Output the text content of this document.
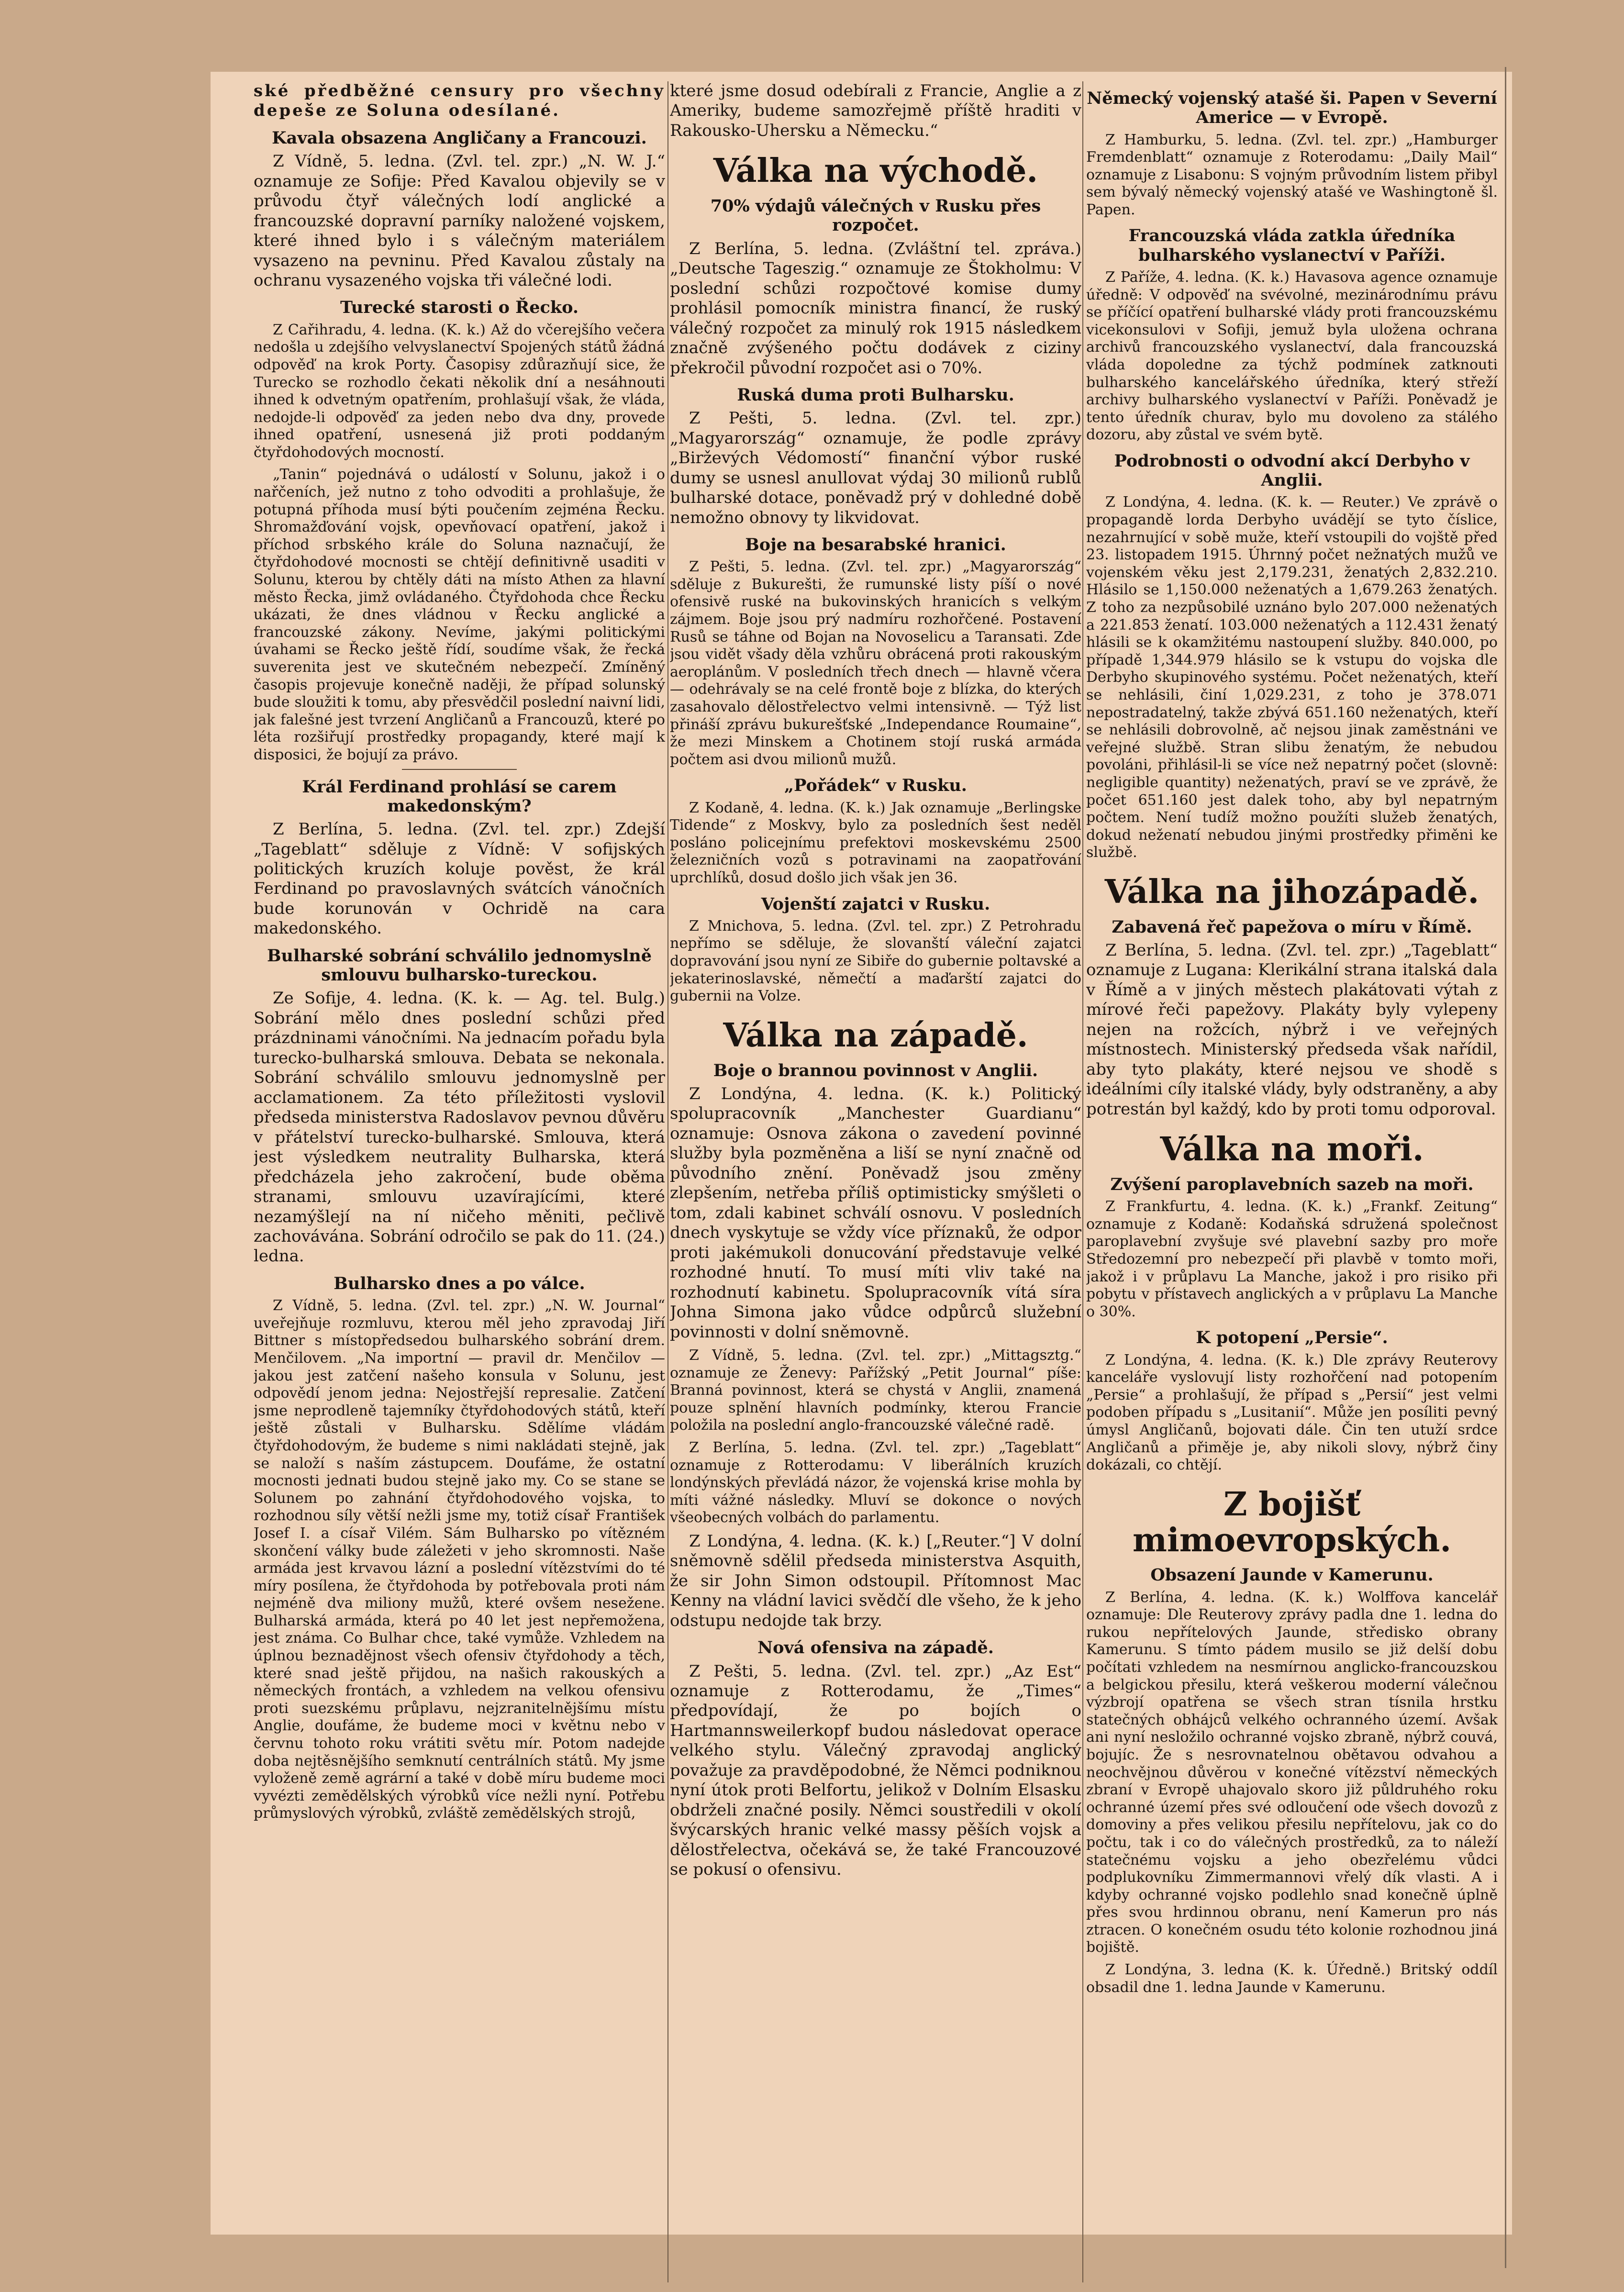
ské předběžné censury pro všechny depeše ze Soluna odesílané.

Kavala obsazena Angličany a Francouzi.

Z Vídně, 5. ledna. (Zvl. tel. zpr.) „N. W. J.“ oznamuje ze Sofije: Před Kavalou objevily se v průvodu čtyř válečných lodí anglické a francouzské dopravní parníky naložené vojskem, které ihned bylo i s válečným materiálem vysazeno na pevninu. Před Kavalou zůstaly na ochranu vysazeného vojska tři válečné lodi.

Turecké starosti o Řecko.

Z Cařihradu, 4. ledna. (K. k.) Až do včerejšího večera nedošla u zdejšího velvyslanectví Spojených států žádná odpověď na krok Porty. Časopisy zdůrazňují sice, že Turecko se rozhodlo čekati několik dní a nesáhnouti ihned k odvetným opatřením, prohlašují však, že vláda, nedojde-li odpověď za jeden nebo dva dny, provede ihned opatření, usnesená již proti poddaným čtyřdohodových mocností.

„Tanin“ pojednává o událostí v Solunu, jakož i o nařčeních, jež nutno z toho odvoditi a prohlašuje, že potupná příhoda musí býti poučením zejména Řecku. Shromažďování vojsk, opevňovací opatření, jakož i příchod srbského krále do Soluna naznačují, že čtyřdohodové mocnosti se chtějí definitivně usaditi v Solunu, kterou by chtěly dáti na místo Athen za hlavní město Řecka, jimž ovládaného. Čtyřdohoda chce Řecku ukázati, že dnes vládnou v Řecku anglické a francouzské zákony. Nevíme, jakými politickými úvahami se Řecko ještě řídí, soudíme však, že řecká suverenita jest ve skutečném nebezpečí. Zmíněný časopis projevuje konečně naději, že případ solunský bude sloužiti k tomu, aby přesvědčil poslední naivní lidi, jak falešné jest tvrzení Angličanů a Francouzů, které po léta rozšiřují prostředky propagandy, které mají k disposici, že bojují za právo.

Král Ferdinand prohlásí se carem makedonským?

Z Berlína, 5. ledna. (Zvl. tel. zpr.) Zdejší „Tageblatt“ sděluje z Vídně: V sofijských politických kruzích koluje pověst, že král Ferdinand po pravoslavných svátcích vánočních bude korunován v Ochridě na cara makedonského.

Bulharské sobrání schválilo jednomyslně smlouvu bulharsko-tureckou.

Ze Sofije, 4. ledna. (K. k. — Ag. tel. Bulg.) Sobrání mělo dnes poslední schůzi před prázdninami vánočními. Na jednacím pořadu byla turecko-bulharská smlouva. Debata se nekonala. Sobrání schválilo smlouvu jednomyslně per acclamationem. Za této příležitosti vyslovil předseda ministerstva Radoslavov pevnou důvěru v přátelství turecko-bulharské. Smlouva, která jest výsledkem neutrality Bulharska, která předcházela jeho zakročení, bude oběma stranami, smlouvu uzavírajícími, které nezamýšlejí na ní ničeho měniti, pečlivě zachovávána. Sobrání odročilo se pak do 11. (24.) ledna.

Bulharsko dnes a po válce.

Z Vídně, 5. ledna. (Zvl. tel. zpr.) „N. W. Journal“ uveřejňuje rozmluvu, kterou měl jeho zpravodaj Jiří Bittner s místopředsedou bulharského sobrání drem. Menčilovem. „Na importní — pravil dr. Menčilov — jakou jest zatčení našeho konsula v Solunu, jest odpovědí jenom jedna: Nejostřejší represalie. Zatčení jsme neprodleně tajemníky čtyřdohodových států, kteří ještě zůstali v Bulharsku. Sdělíme vládám čtyřdohodovým, že budeme s nimi nakládati stejně, jak se naloží s naším zástupcem. Doufáme, že ostatní mocnosti jednati budou stejně jako my. Co se stane se Solunem po zahnání čtyřdohodového vojska, to rozhodnou síly větší nežli jsme my, totiž císař František Josef I. a císař Vilém. Sám Bulharsko po vítězném skončení války bude záležeti v jeho skromnosti. Naše armáda jest krvavou lázní a poslední vítězstvími do té míry posílena, že čtyřdohoda by potřebovala proti nám nejméně dva miliony mužů, které ovšem nesežene. Bulharská armáda, která po 40 let jest nepřemožena, jest známa. Co Bulhar chce, také vymůže. Vzhledem na úplnou beznadějnost všech ofensiv čtyřdohody a těch, které snad ještě přijdou, na našich rakouských a německých frontách, a vzhledem na velkou ofensivu proti suezskému průplavu, nejzranitelnějšímu místu Anglie, doufáme, že budeme moci v květnu nebo v červnu tohoto roku vrátiti světu mír. Potom nadejde doba nejtěsnějšího semknutí centrálních států. My jsme vyloženě země agrární a také v době míru budeme moci vyvézti zemědělských výrobků více nežli nyní. Potřebu průmyslových výrobků, zvláště zemědělských strojů,

které jsme dosud odebírali z Francie, Anglie a z Ameriky, budeme samozřejmě příště hraditi v Rakousko-Uhersku a Německu.“

Válka na východě.
70% výdajů válečných v Rusku přes rozpočet.

Z Berlína, 5. ledna. (Zvláštní tel. zpráva.) „Deutsche Tageszig.“ oznamuje ze Štokholmu: V poslední schůzi rozpočtové komise dumy prohlásil pomocník ministra financí, že ruský válečný rozpočet za minulý rok 1915 následkem značně zvýšeného počtu dodávek z ciziny překročil původní rozpočet asi o 70%.

Ruská duma proti Bulharsku.

Z Pešti, 5. ledna. (Zvl. tel. zpr.) „Magyarország“ oznamuje, že podle zprávy „Birževých Védomostí“ finanční výbor ruské dumy se usnesl anullovat výdaj 30 milionů rublů bulharské dotace, poněvadž prý v dohledné době nemožno obnovy ty likvidovat.

Boje na besarabské hranici.

Z Pešti, 5. ledna. (Zvl. tel. zpr.) „Magyarország“ sděluje z Bukurešti, že rumunské listy píší o nové ofensivě ruské na bukovinských hranicích s velkým zájmem. Boje jsou prý nadmíru rozhořčené. Postavení Rusů se táhne od Bojan na Novoselicu a Taransati. Zde jsou vidět všady děla vzhůru obrácená proti rakouským aeroplánům. V posledních třech dnech — hlavně včera — odehrávaly se na celé frontě boje z blízka, do kterých zasahovalo dělostřelectvo velmi intensivně. — Týž list přináší zprávu bukurešťské „Independance Roumaine“, že mezi Minskem a Chotinem stojí ruská armáda počtem asi dvou milionů mužů.

„Pořádek“ v Rusku.

Z Kodaně, 4. ledna. (K. k.) Jak oznamuje „Berlingske Tidende“ z Moskvy, bylo za posledních šest neděl posláno policejnímu prefektovi moskevskému 2500 železničních vozů s potravinami na zaopatřování uprchlíků, dosud došlo jich však jen 36.

Vojenští zajatci v Rusku.

Z Mnichova, 5. ledna. (Zvl. tel. zpr.) Z Petrohradu nepřímo se sděluje, že slovanští váleční zajatci dopravování jsou nyní ze Sibiře do gubernie poltavské a jekaterinoslavské, němečtí a maďarští zajatci do gubernii na Volze.

Válka na západě.
Boje o brannou povinnost v Anglii.

Z Londýna, 4. ledna. (K. k.) Politický spolupracovník „Manchester Guardianu“ oznamuje: Osnova zákona o zavedení povinné služby byla pozměněna a liší se nyní značně od původního znění. Poněvadž jsou změny zlepšením, netřeba příliš optimisticky smýšleti o tom, zdali kabinet schválí osnovu. V posledních dnech vyskytuje se vždy více příznaků, že odpor proti jakémukoli donucování představuje velké rozhodné hnutí. To musí míti vliv také na rozhodnutí kabinetu. Spolupracovník vítá síra Johna Simona jako vůdce odpůrců služební povinnosti v dolní sněmovně.

Z Vídně, 5. ledna. (Zvl. tel. zpr.) „Mittagsztg.“ oznamuje ze Ženevy: Pařížský „Petit Journal“ píše: Branná povinnost, která se chystá v Anglii, znamená pouze splnění hlavních podmínky, kterou Francie položila na poslední anglo-francouzské válečné radě.

Z Berlína, 5. ledna. (Zvl. tel. zpr.) „Tageblatt“ oznamuje z Rotterodamu: V liberálních kruzích londýnských převládá názor, že vojenská krise mohla by míti vážné následky. Mluví se dokonce o nových všeobecných volbách do parlamentu.

Z Londýna, 4. ledna. (K. k.) [„Reuter.“] V dolní sněmovně sdělil předseda ministerstva Asquith, že sir John Simon odstoupil. Přítomnost Mac Kenny na vládní lavici svědčí dle všeho, že k jeho odstupu nedojde tak brzy.

Nová ofensiva na západě.

Z Pešti, 5. ledna. (Zvl. tel. zpr.) „Az Est“ oznamuje z Rotterodamu, že „Times“ předpovídají, že po bojích o Hartmannsweilerkopf budou následovat operace velkého stylu. Válečný zpravodaj anglický považuje za pravděpodobné, že Němci podniknou nyní útok proti Belfortu, jelikož v Dolním Elsasku obdrželi značné posily. Němci soustředili v okolí švýcarských hranic velké massy pěších vojsk a dělostřelectva, očekává se, že také Francouzové se pokusí o ofensivu.

Německý vojenský atašé ši. Papen v Severní Americe — v Evropě.

Z Hamburku, 5. ledna. (Zvl. tel. zpr.) „Hamburger Fremdenblatt“ oznamuje z Roterodamu: „Daily Mail“ oznamuje z Lisabonu: S vojným průvodním listem přibyl sem bývalý německý vojenský atašé ve Washingtoně šl. Papen.

Francouzská vláda zatkla úředníka bulharského vyslanectví v Paříži.

Z Paříže, 4. ledna. (K. k.) Havasova agence oznamuje úředně: V odpověď na svévolné, mezinárodnímu právu se příčící opatření bulharské vlády proti francouzskému vicekonsulovi v Sofiji, jemuž byla uložena ochrana archivů francouzského vyslanectví, dala francouzská vláda dopoledne za týchž podmínek zatknouti bulharského kancelářského úředníka, který střeží archivy bulharského vyslanectví v Paříži. Poněvadž je tento úředník churav, bylo mu dovoleno za stálého dozoru, aby zůstal ve svém bytě.

Podrobnosti o odvodní akcí Derbyho v Anglii.

Z Londýna, 4. ledna. (K. k. — Reuter.) Ve zprávě o propagandě lorda Derbyho uvádějí se tyto číslice, nezahrnující v sobě muže, kteří vstoupili do vojště před 23. listopadem 1915. Úhrnný počet nežnatých mužů ve vojenském věku jest 2,179.231, ženatých 2,832.210. Hlásilo se 1,150.000 neženatých a 1,679.263 ženatých. Z toho za nezpůsobilé uznáno bylo 207.000 neženatých a 221.853 ženatí. 103.000 neženatých a 112.431 ženatý hlásili se k okamžitému nastoupení služby. 840.000, po případě 1,344.979 hlásilo se k vstupu do vojska dle Derbyho skupinového systému. Počet neženatých, kteří se nehlásili, činí 1,029.231, z toho je 378.071 nepostradatelný, takže zbývá 651.160 neženatých, kteří se nehlásili dobrovolně, ač nejsou jinak zaměstnáni ve veřejné službě. Stran slibu ženatým, že nebudou povoláni, přihlásil-li se více než nepatrný počet (slovně: negligible quantity) neženatých, praví se ve zprávě, že počet 651.160 jest dalek toho, aby byl nepatrným počtem. Není tudíž možno použíti služeb ženatých, dokud neženatí nebudou jinými prostředky přiměni ke službě.

Válka na jihozápadě.
Zabavená řeč papežova o míru v Římě.

Z Berlína, 5. ledna. (Zvl. tel. zpr.) „Tageblatt“ oznamuje z Lugana: Klerikální strana italská dala v Římě a v jiných městech plakátovati výtah z mírové řeči papežovy. Plakáty byly vylepeny nejen na rožcích, nýbrž i ve veřejných místnostech. Ministerský předseda však nařídil, aby tyto plakáty, které nejsou ve shodě s ideálními cíly italské vlády, byly odstraněny, a aby potrestán byl každý, kdo by proti tomu odporoval.

Válka na moři.
Zvýšení paroplavebních sazeb na moři.

Z Frankfurtu, 4. ledna. (K. k.) „Frankf. Zeitung“ oznamuje z Kodaně: Kodaňská sdružená společnost paroplavební zvyšuje své plavební sazby pro moře Středozemní pro nebezpečí při plavbě v tomto moři, jakož i v průplavu La Manche, jakož i pro risiko při pobytu v přístavech anglických a v průplavu La Manche o 30%.

K potopení „Persie“.

Z Londýna, 4. ledna. (K. k.) Dle zprávy Reuterovy kanceláře vyslovují listy rozhořčení nad potopením „Persie“ a prohlašují, že případ s „Persií“ jest velmi podoben případu s „Lusitanií“. Může jen posíliti pevný úmysl Angličanů, bojovati dále. Čin ten utuží srdce Angličanů a přiměje je, aby nikoli slovy, nýbrž činy dokázali, co chtějí.

Z bojišť mimoevropských.
Obsazení Jaunde v Kamerunu.

Z Berlína, 4. ledna. (K. k.) Wolffova kancelář oznamuje: Dle Reuterovy zprávy padla dne 1. ledna do rukou nepřítelových Jaunde, středisko obrany Kamerunu. S tímto pádem musilo se již delší dobu počítati vzhledem na nesmírnou anglicko-francouzskou a belgickou přesilu, která veškerou moderní válečnou výzbrojí opatřena se všech stran tísnila hrstku statečných obhájců velkého ochranného území. Avšak ani nyní nesložilo ochranné vojsko zbraně, nýbrž couvá, bojujíc. Že s nesrovnatelnou obětavou odvahou a neochvějnou důvěrou v konečné vítězství německých zbraní v Evropě uhajovalo skoro již půldruhého roku ochranné území přes své odloučení ode všech dovozů z domoviny a přes velikou přesilu nepřítelovu, jak co do počtu, tak i co do válečných prostředků, za to náleží statečnému vojsku a jeho obezřelému vůdci podplukovníku Zimmermannovi vřelý dík vlasti. A i kdyby ochranné vojsko podlehlo snad konečně úplně přes svou hrdinnou obranu, není Kamerun pro nás ztracen. O konečném osudu této kolonie rozhodnou jiná bojiště.

Z Londýna, 3. ledna (K. k. Úředně.) Britský oddíl obsadil dne 1. ledna Jaunde v Kamerunu.
